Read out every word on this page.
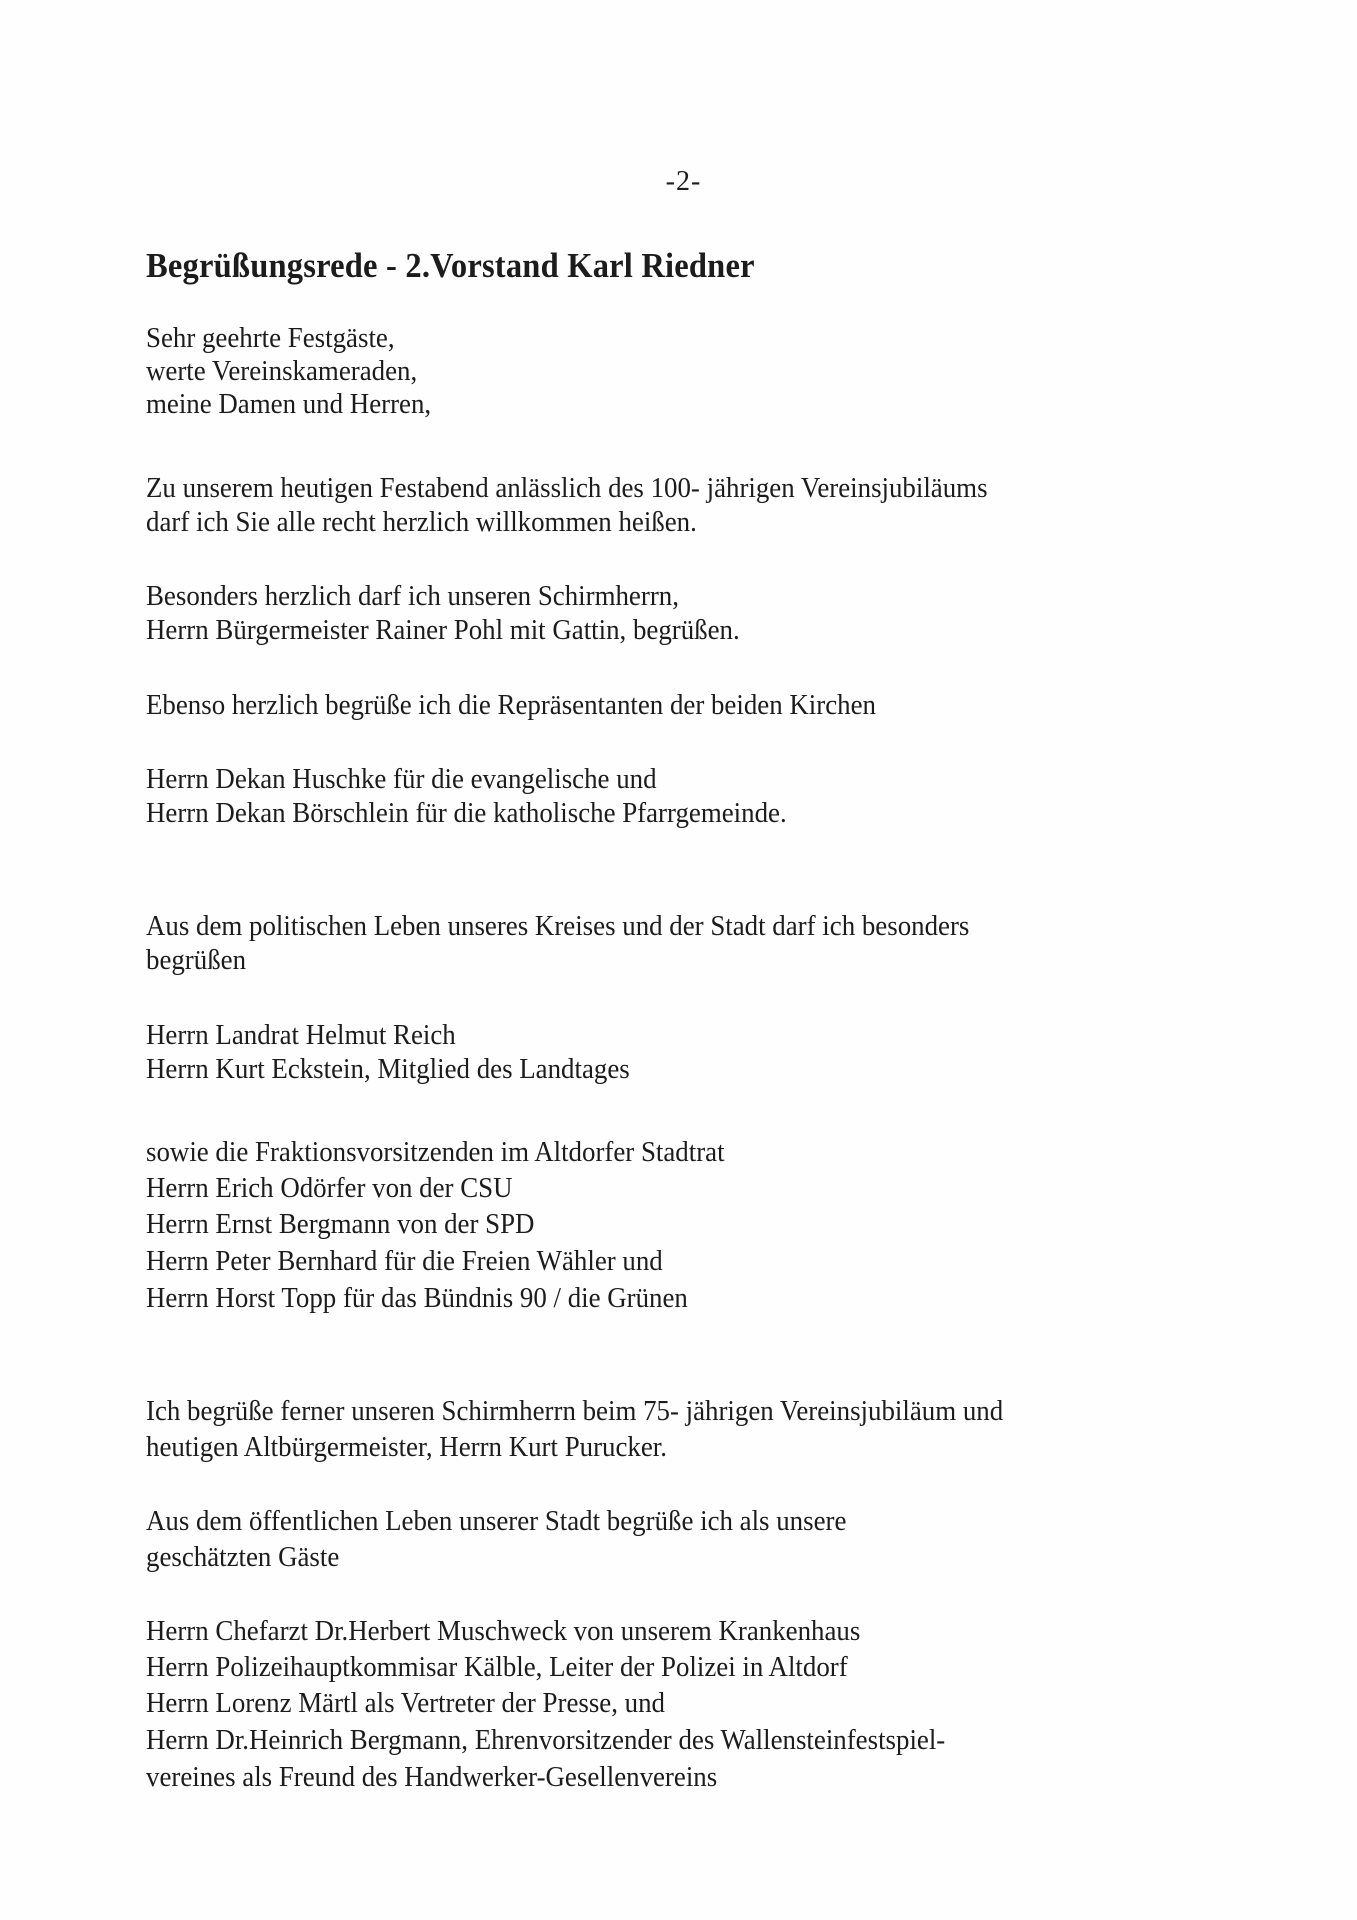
-2-
Begrüßungsrede - 2.Vorstand Karl Riedner
Sehr geehrte Festgäste,
werte Vereinskameraden,
meine Damen und Herren,
Zu unserem heutigen Festabend anlässlich des 100- jährigen Vereinsjubiläums
darf ich Sie alle recht herzlich willkommen heißen.
Besonders herzlich darf ich unseren Schirmherrn,
Herrn Bürgermeister Rainer Pohl mit Gattin, begrüßen.
Ebenso herzlich begrüße ich die Repräsentanten der beiden Kirchen
Herrn Dekan Huschke für die evangelische und
Herrn Dekan Börschlein für die katholische Pfarrgemeinde.
Aus dem politischen Leben unseres Kreises und der Stadt darf ich besonders
begrüßen
Herrn Landrat Helmut Reich
Herrn Kurt Eckstein, Mitglied des Landtages
sowie die Fraktionsvorsitzenden im Altdorfer Stadtrat
Herrn Erich Odörfer von der CSU
Herrn Ernst Bergmann von der SPD
Herrn Peter Bernhard für die Freien Wähler und
Herrn Horst Topp für das Bündnis 90 / die Grünen
Ich begrüße ferner unseren Schirmherrn beim 75- jährigen Vereinsjubiläum und
heutigen Altbürgermeister, Herrn Kurt Purucker.
Aus dem öffentlichen Leben unserer Stadt begrüße ich als unsere
geschätzten Gäste
Herrn Chefarzt Dr.Herbert Muschweck von unserem Krankenhaus
Herrn Polizeihauptkommisar Kälble, Leiter der Polizei in Altdorf
Herrn Lorenz Märtl als Vertreter der Presse, und
Herrn Dr.Heinrich Bergmann, Ehrenvorsitzender des Wallensteinfestspiel-
vereines als Freund des Handwerker-Gesellenvereins
